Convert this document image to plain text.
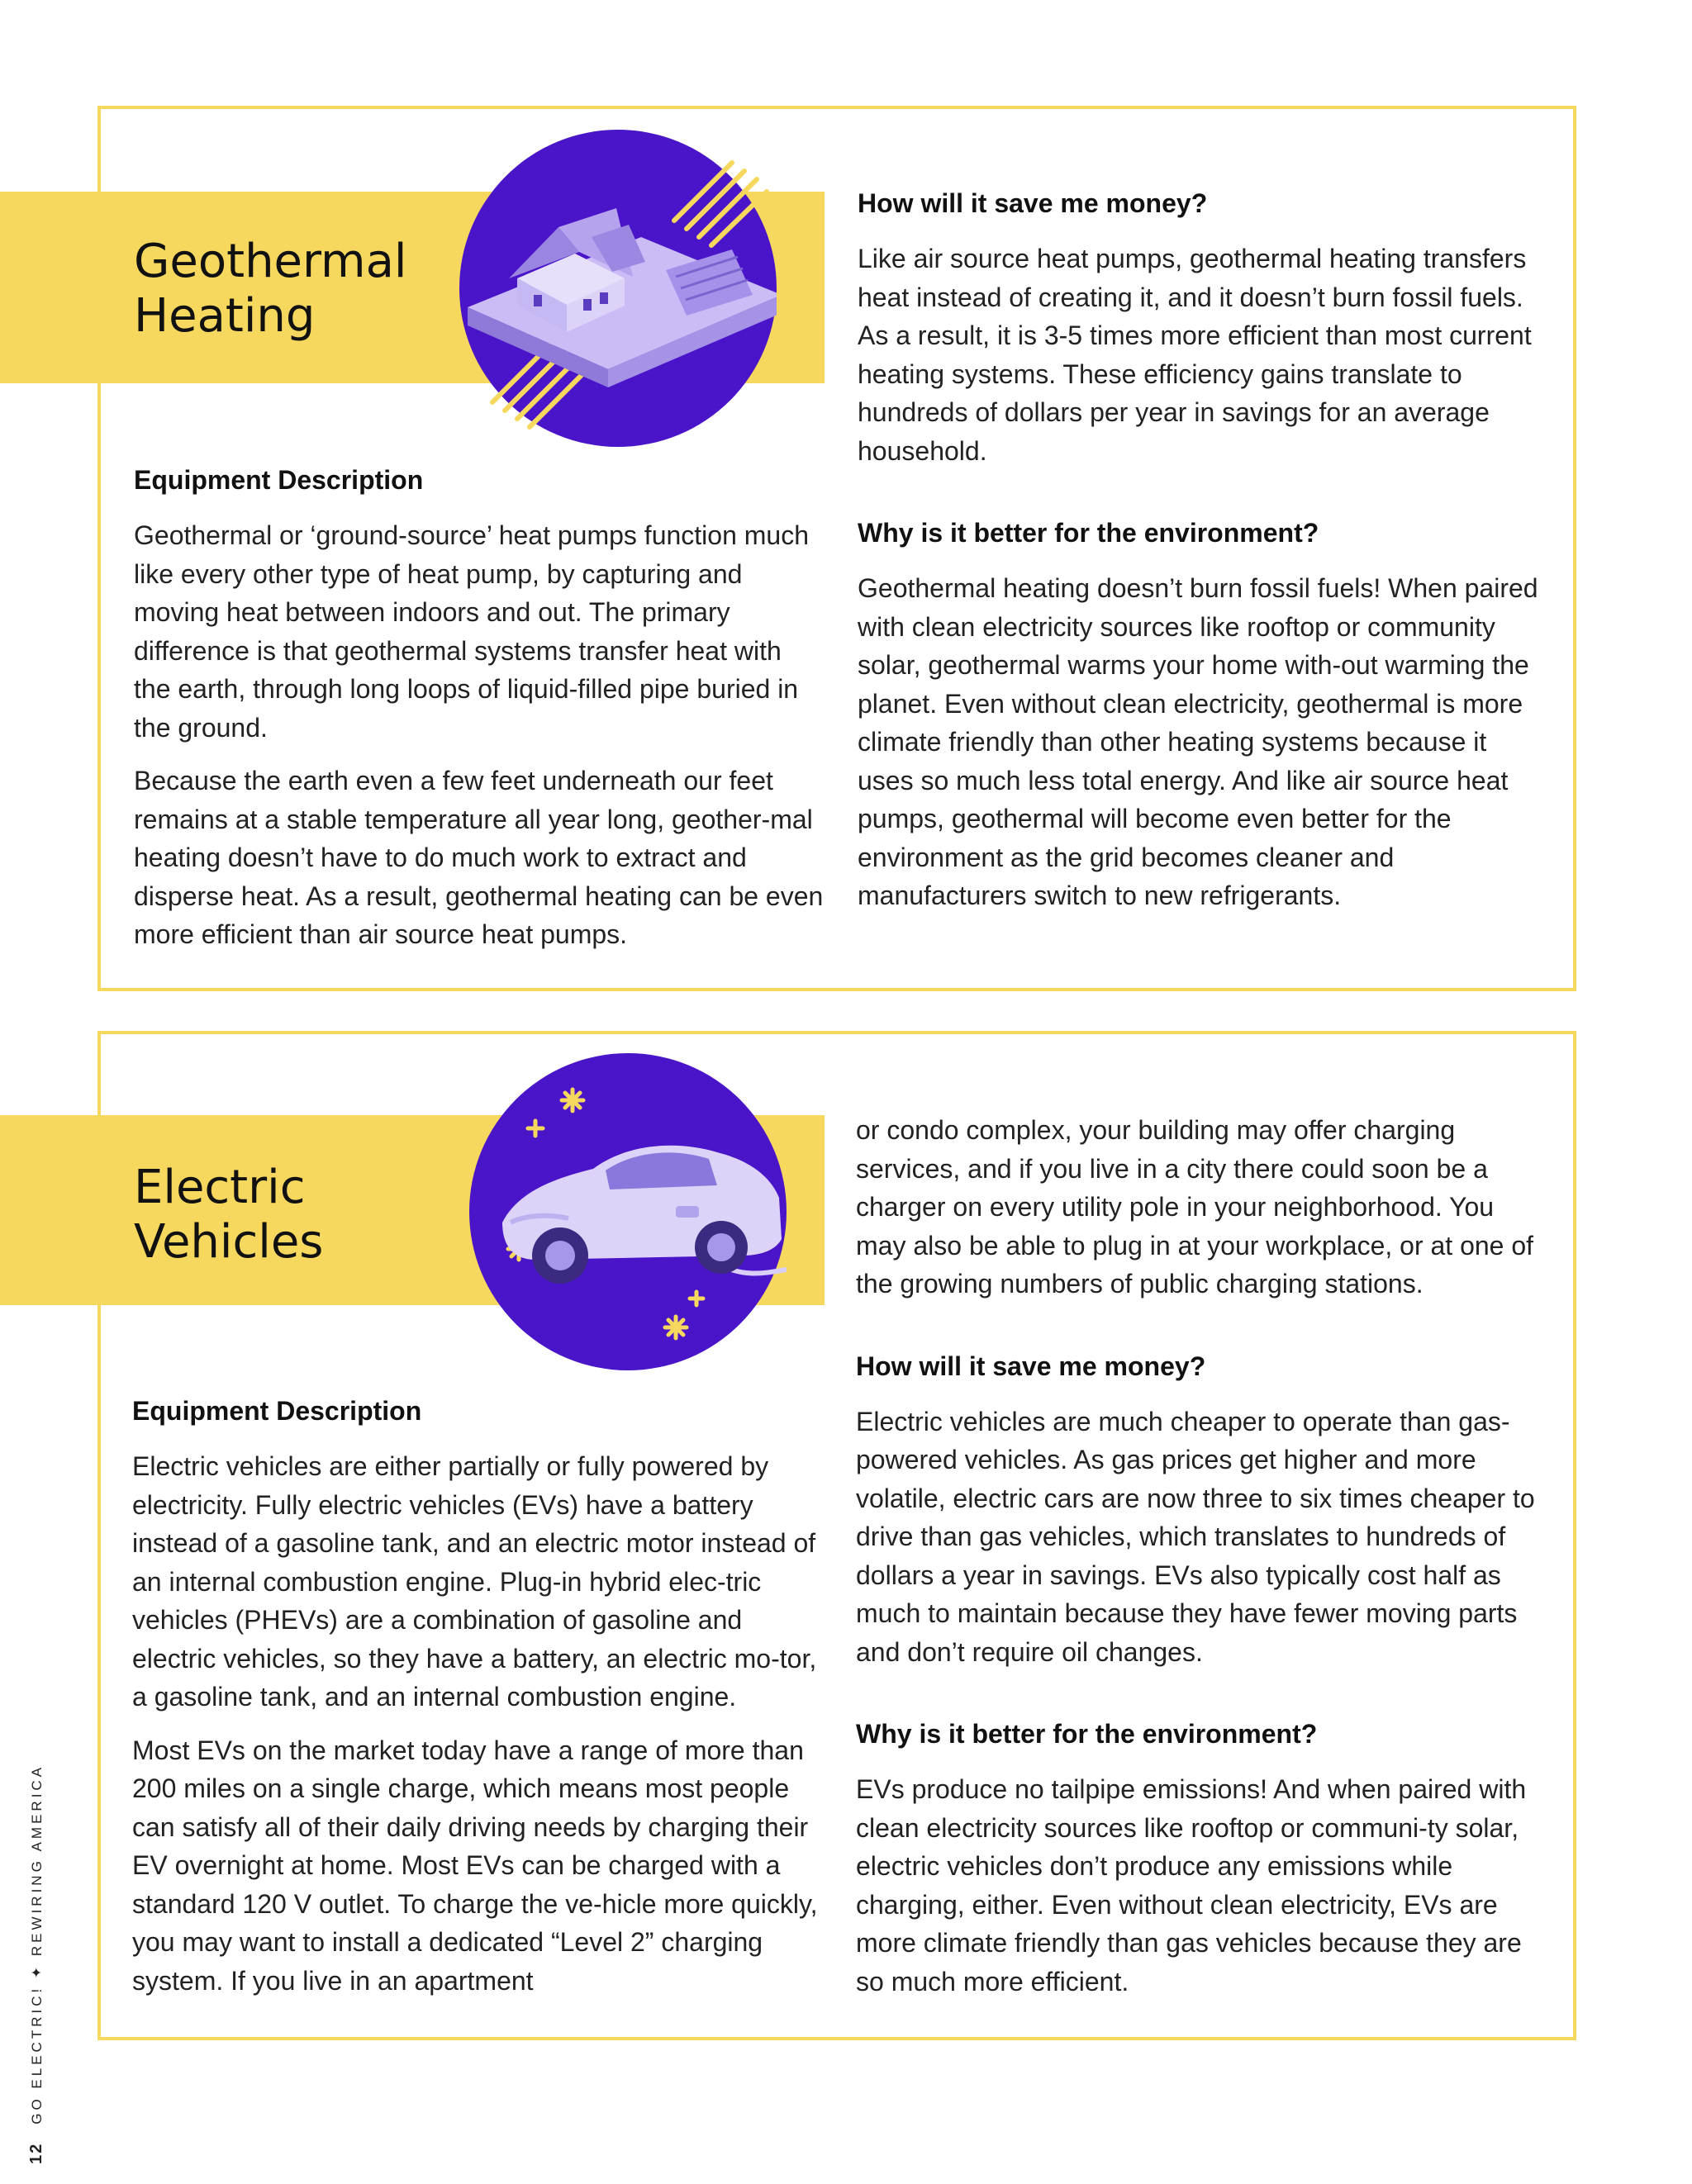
Geothermal
Heating
Equipment Description

Geothermal or ‘ground-source’ heat pumps function much like every other type of heat pump, by capturing and moving heat between indoors and out. The primary difference is that geothermal systems transfer heat with the earth, through long loops of liquid-filled pipe buried in the ground.

Because the earth even a few feet underneath our feet remains at a stable temperature all year long, geother-mal heating doesn’t have to do much work to extract and disperse heat. As a result, geothermal heating can be even more efficient than air source heat pumps.

How will it save me money?

Like air source heat pumps, geothermal heating transfers heat instead of creating it, and it doesn’t burn fossil fuels. As a result, it is 3-5 times more efficient than most current heating systems. These efficiency gains translate to hundreds of dollars per year in savings for an average household.

Why is it better for the environment?

Geothermal heating doesn’t burn fossil fuels! When paired with clean electricity sources like rooftop or community solar, geothermal warms your home with-out warming the planet. Even without clean electricity, geothermal is more climate friendly than other heating systems because it uses so much less total energy. And like air source heat pumps, geothermal will become even better for the environment as the grid becomes cleaner and manufacturers switch to new refrigerants.

Electric
Vehicles
Equipment Description

Electric vehicles are either partially or fully powered by electricity. Fully electric vehicles (EVs) have a battery instead of a gasoline tank, and an electric motor instead of an internal combustion engine. Plug-in hybrid elec-tric vehicles (PHEVs) are a combination of gasoline and electric vehicles, so they have a battery, an electric mo-tor, a gasoline tank, and an internal combustion engine.

Most EVs on the market today have a range of more than 200 miles on a single charge, which means most people can satisfy all of their daily driving needs by charging their EV overnight at home. Most EVs can be charged with a standard 120 V outlet. To charge the ve-hicle more quickly, you may want to install a dedicated “Level 2” charging system. If you live in an apartment

or condo complex, your building may offer charging services, and if you live in a city there could soon be a charger on every utility pole in your neighborhood. You may also be able to plug in at your workplace, or at one of the growing numbers of public charging stations.

How will it save me money?

Electric vehicles are much cheaper to operate than gas-powered vehicles. As gas prices get higher and more volatile, electric cars are now three to six times cheaper to drive than gas vehicles, which translates to hundreds of dollars a year in savings. EVs also typically cost half as much to maintain because they have fewer moving parts and don’t require oil changes.

Why is it better for the environment?

EVs produce no tailpipe emissions! And when paired with clean electricity sources like rooftop or communi-ty solar, electric vehicles don’t produce any emissions while charging, either. Even without clean electricity, EVs are more climate friendly than gas vehicles because they are so much more efficient.

12GO ELECTRIC! ✦ REWIRING AMERICA
